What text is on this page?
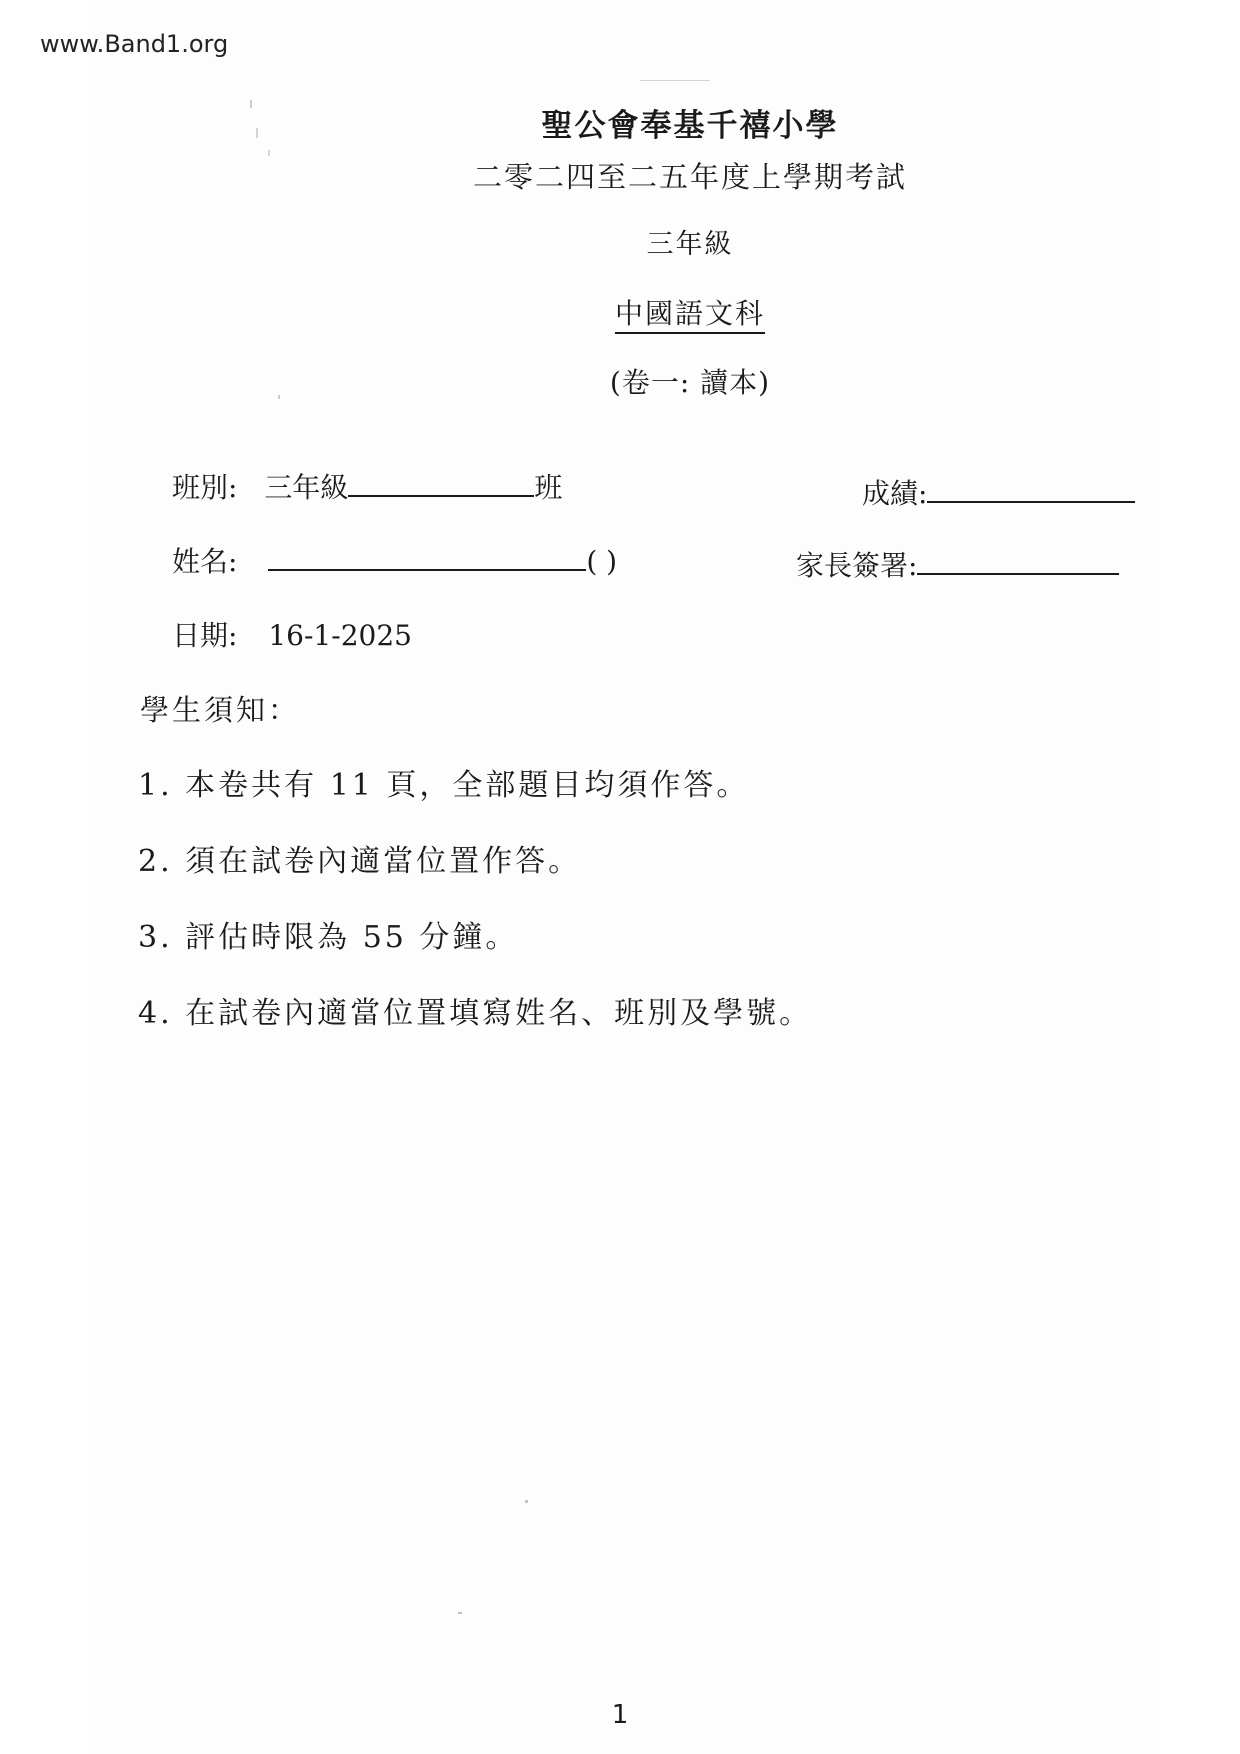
www.Band1.org
聖公會奉基千禧小學
二零二四至二五年度上學期考試
三年級
中國語文科
(卷一: 讀本)
班別: 三年級	班	成績:
姓名:	( )	家長簽署:
日期: 16-1-2025
學生須知：
1. 本卷共有 11 頁，全部題目均須作答。
2. 須在試卷內適當位置作答。
3. 評估時限為 55 分鐘。
4. 在試卷內適當位置填寫姓名、班別及學號。
1
